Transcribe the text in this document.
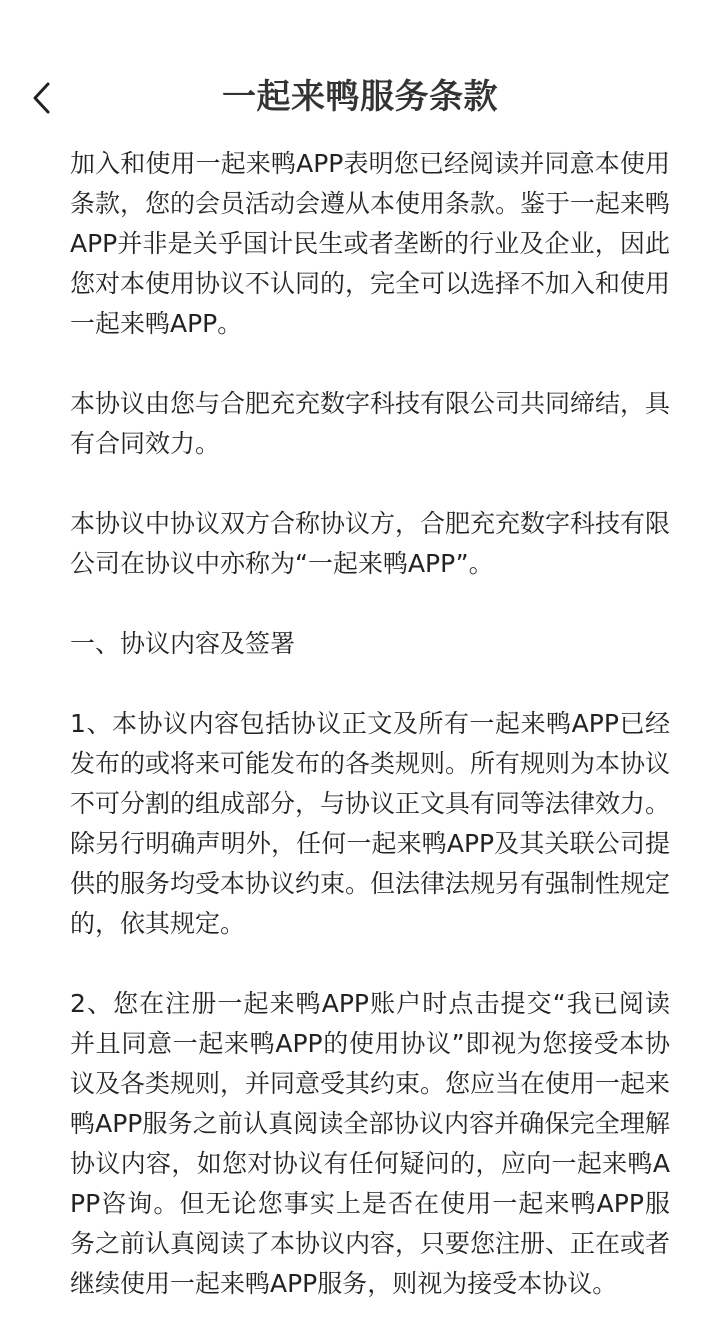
一起来鸭服务条款

加入和使用一起来鸭APP表明您已经阅读并同意本使用条款，您的会员活动会遵从本使用条款。鉴于一起来鸭APP并非是关乎国计民生或者垄断的行业及企业，因此您对本使用协议不认同的，完全可以选择不加入和使用一起来鸭APP。

本协议由您与合肥充充数字科技有限公司共同缔结，具有合同效力。

本协议中协议双方合称协议方，合肥充充数字科技有限公司在协议中亦称为“一起来鸭APP”。

一、协议内容及签署

1、本协议内容包括协议正文及所有一起来鸭APP已经发布的或将来可能发布的各类规则。所有规则为本协议不可分割的组成部分，与协议正文具有同等法律效力。除另行明确声明外，任何一起来鸭APP及其关联公司提供的服务均受本协议约束。但法律法规另有强制性规定的，依其规定。

2、您在注册一起来鸭APP账户时点击提交“我已阅读并且同意一起来鸭APP的使用协议”即视为您接受本协议及各类规则，并同意受其约束。您应当在使用一起来鸭APP服务之前认真阅读全部协议内容并确保完全理解协议内容，如您对协议有任何疑问的，应向一起来鸭APP咨询。但无论您事实上是否在使用一起来鸭APP服务之前认真阅读了本协议内容，只要您注册、正在或者继续使用一起来鸭APP服务，则视为接受本协议。
